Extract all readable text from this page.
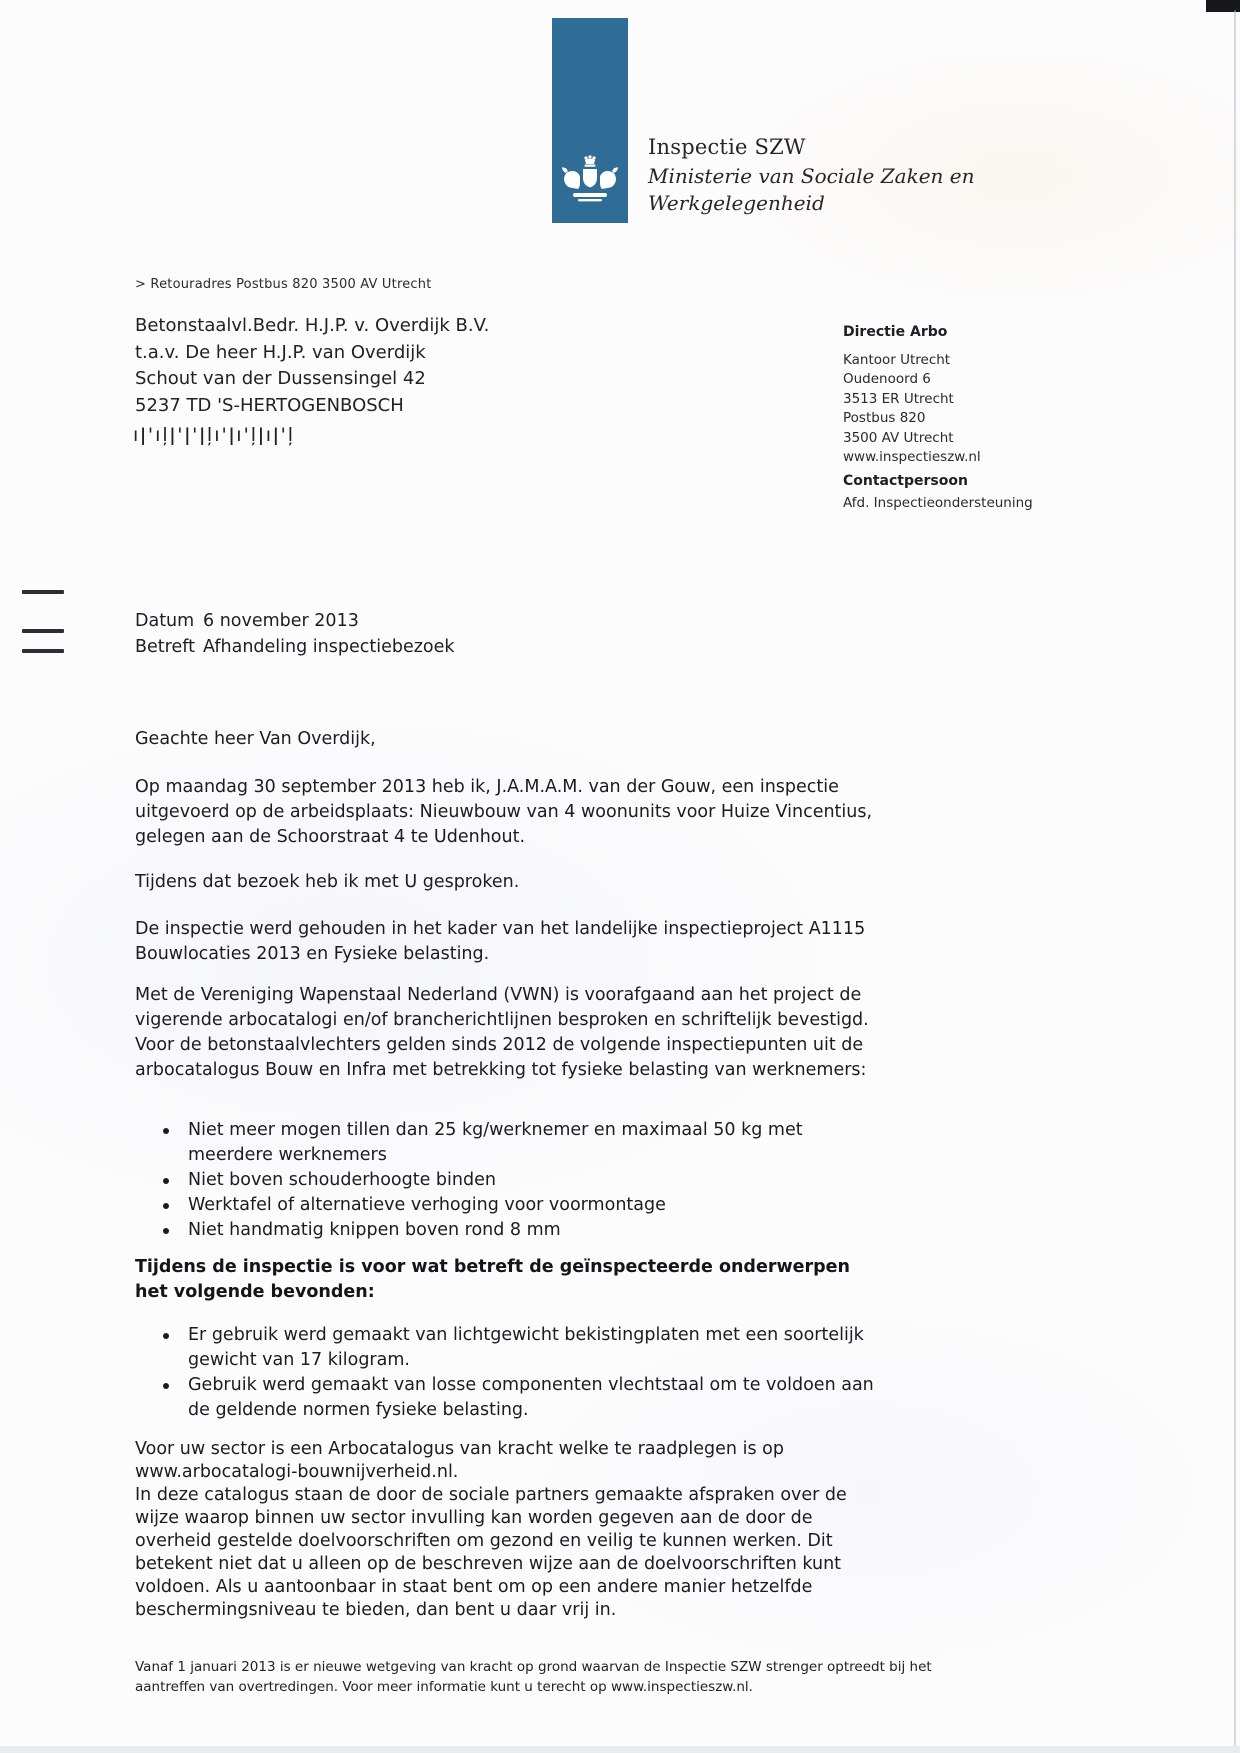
Inspectie SZW
Ministerie van Sociale Zaken en
Werkgelegenheid
> Retouradres Postbus 820 3500 AV Utrecht
Betonstaalvl.Bedr. H.J.P. v. Overdijk B.V.
t.a.v. De heer H.J.P. van Overdijk
Schout van der Dussensingel 42
5237 TD 'S-HERTOGENBOSCH
ıǀ'ıļǀ'ǀ'ǀļı'ǀı'ļǀıǀ'ļ
Directie Arbo
Kantoor Utrecht
Oudenoord 6
3513 ER Utrecht
Postbus 820
3500 AV Utrecht
www.inspectieszw.nl
Contactpersoon
Afd. Inspectieondersteuning
Datum 6 november 2013
Betreft Afhandeling inspectiebezoek
Geachte heer Van Overdijk,
Op maandag 30 september 2013 heb ik, J.A.M.A.M. van der Gouw, een inspectie uitgevoerd op de arbeidsplaats: Nieuwbouw van 4 woonunits voor Huize Vincentius, gelegen aan de Schoorstraat 4 te Udenhout.
Tijdens dat bezoek heb ik met U gesproken.
De inspectie werd gehouden in het kader van het landelijke inspectieproject A1115 Bouwlocaties 2013 en Fysieke belasting.
Met de Vereniging Wapenstaal Nederland (VWN) is voorafgaand aan het project de vigerende arbocatalogi en/of brancherichtlijnen besproken en schriftelijk bevestigd. Voor de betonstaalvlechters gelden sinds 2012 de volgende inspectiepunten uit de arbocatalogus Bouw en Infra met betrekking tot fysieke belasting van werknemers:
Niet meer mogen tillen dan 25 kg/werknemer en maximaal 50 kg met meerdere werknemers
Niet boven schouderhoogte binden
Werktafel of alternatieve verhoging voor voormontage
Niet handmatig knippen boven rond 8 mm
Tijdens de inspectie is voor wat betreft de geïnspecteerde onderwerpen het volgende bevonden:
Er gebruik werd gemaakt van lichtgewicht bekistingplaten met een soortelijk gewicht van 17 kilogram.
Gebruik werd gemaakt van losse componenten vlechtstaal om te voldoen aan de geldende normen fysieke belasting.
Voor uw sector is een Arbocatalogus van kracht welke te raadplegen is op www.arbocatalogi-bouwnijverheid.nl.
In deze catalogus staan de door de sociale partners gemaakte afspraken over de wijze waarop binnen uw sector invulling kan worden gegeven aan de door de overheid gestelde doelvoorschriften om gezond en veilig te kunnen werken. Dit betekent niet dat u alleen op de beschreven wijze aan de doelvoorschriften kunt voldoen. Als u aantoonbaar in staat bent om op een andere manier hetzelfde beschermingsniveau te bieden, dan bent u daar vrij in.
Vanaf 1 januari 2013 is er nieuwe wetgeving van kracht op grond waarvan de Inspectie SZW strenger optreedt bij het aantreffen van overtredingen. Voor meer informatie kunt u terecht op www.inspectieszw.nl.
